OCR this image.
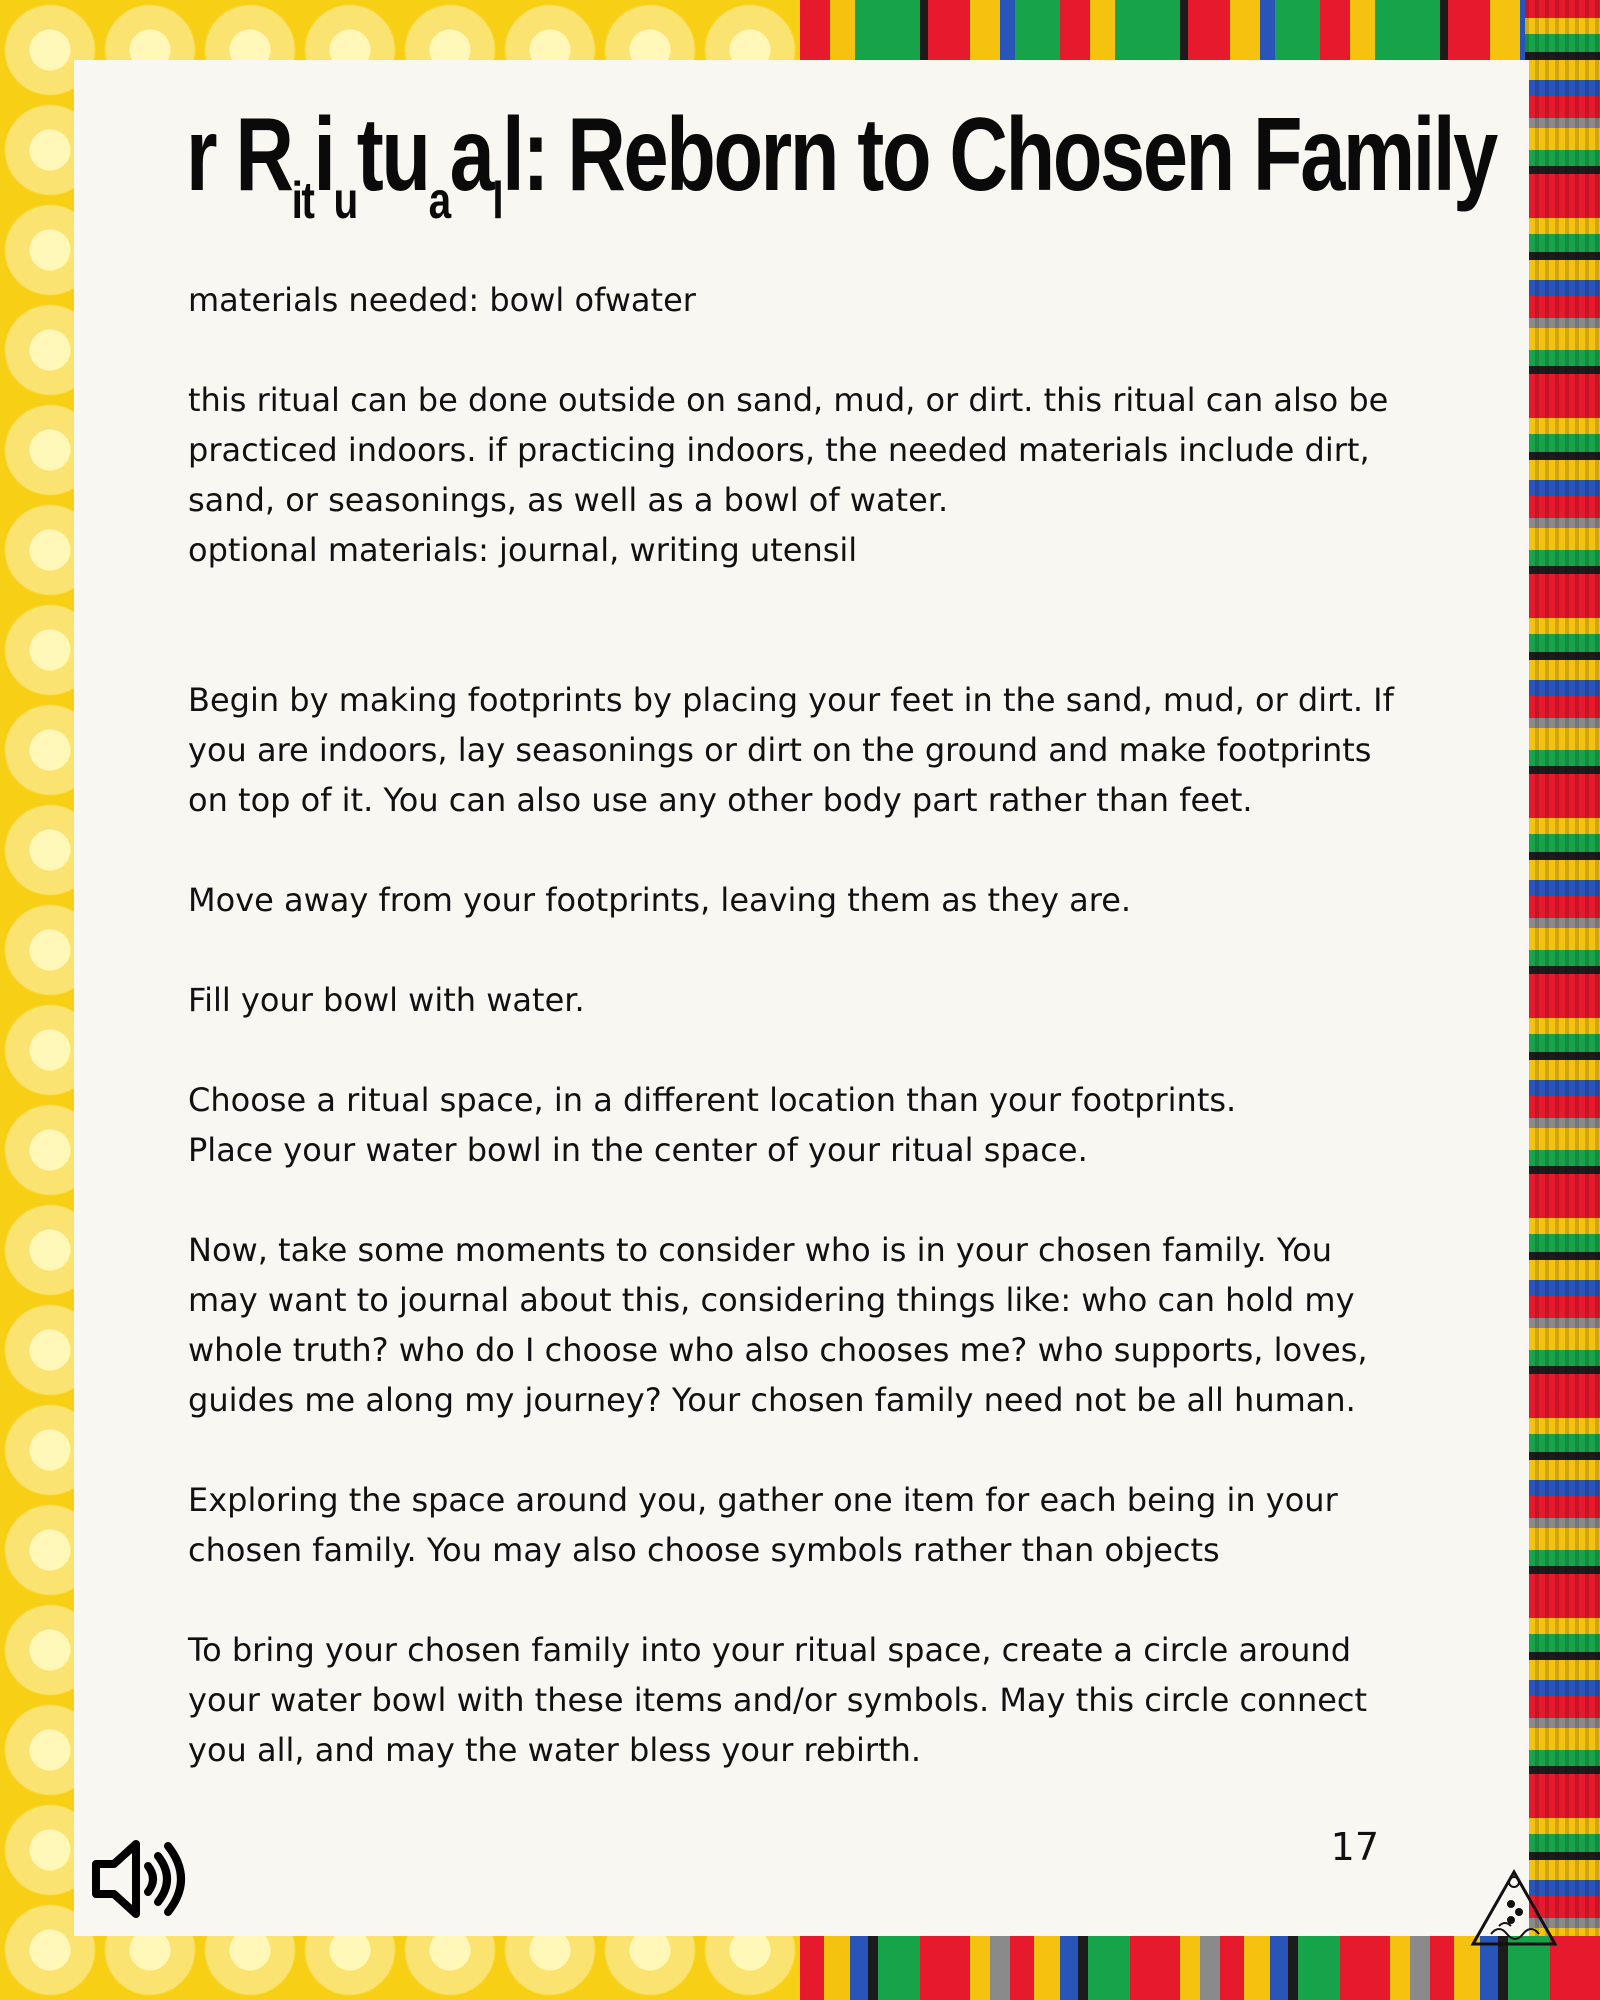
r $R_{it}i_utu_aa_ll$: Reborn to Chosen Family

materials needed: bowl ofwater

this ritual can be done outside on sand, mud, or dirt. this ritual can also be

practiced indoors. if practicing indoors, the needed materials include dirt,

sand, or seasonings, as well as a bowl of water.

optional materials: journal, writing utensil

Begin by making footprints by placing your feet in the sand, mud, or dirt. If

you are indoors, lay seasonings or dirt on the ground and make footprints

on top of it. You can also use any other body part rather than feet.

Move away from your footprints, leaving them as they are.

Fill your bowl with water.

Choose a ritual space, in a different location than your footprints.

Place your water bowl in the center of your ritual space.

Now, take some moments to consider who is in your chosen family. You

may want to journal about this, considering things like: who can hold my

whole truth? who do I choose who also chooses me? who supports, loves,

guides me along my journey? Your chosen family need not be all human.

Exploring the space around you, gather one item for each being in your

chosen family. You may also choose symbols rather than objects

To bring your chosen family into your ritual space, create a circle around

your water bowl with these items and/or symbols. May this circle connect

you all, and may the water bless your rebirth.

17
